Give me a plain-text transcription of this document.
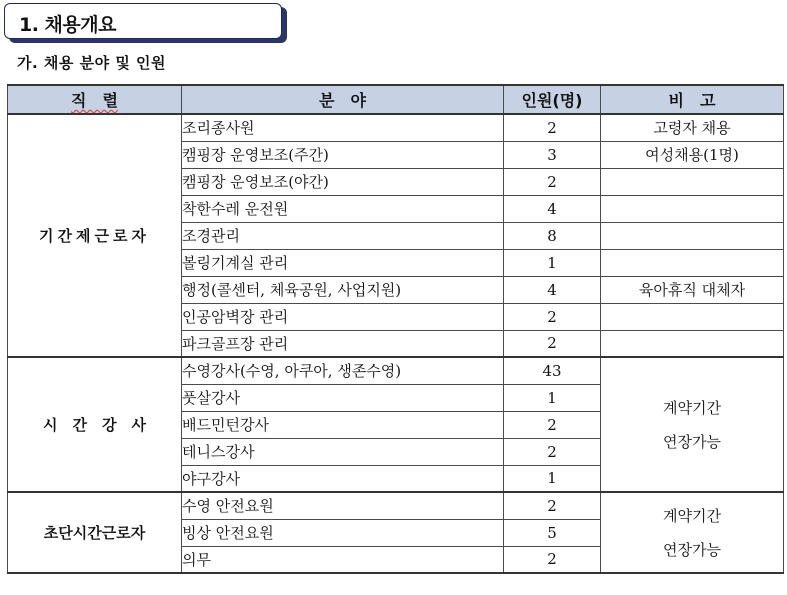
1. 채용개요
가. 채용 분야 및 인원
직　렬	분　야	인원(명)	비　고
기간제근로자	조리종사원	2	고령자 채용
	캠핑장 운영보조(주간)	3	여성채용(1명)
	캠핑장 운영보조(야간)	2	
	착한수레 운전원	4	
	조경관리	8	
	볼링기계실 관리	1	
	행정(콜센터, 체육공원, 사업지원)	4	육아휴직 대체자
	인공암벽장 관리	2	
	파크골프장 관리	2	
시　간　강　사	수영강사(수영, 아쿠아, 생존수영)	43	계약기간
연장가능

	풋살강사	1	
	배드민턴강사	2	
	테니스강사	2	
	야구강사	1	
초단시간근로자	수영 안전요원	2	계약기간
연장가능

	빙상 안전요원	5	
	의무	2	
